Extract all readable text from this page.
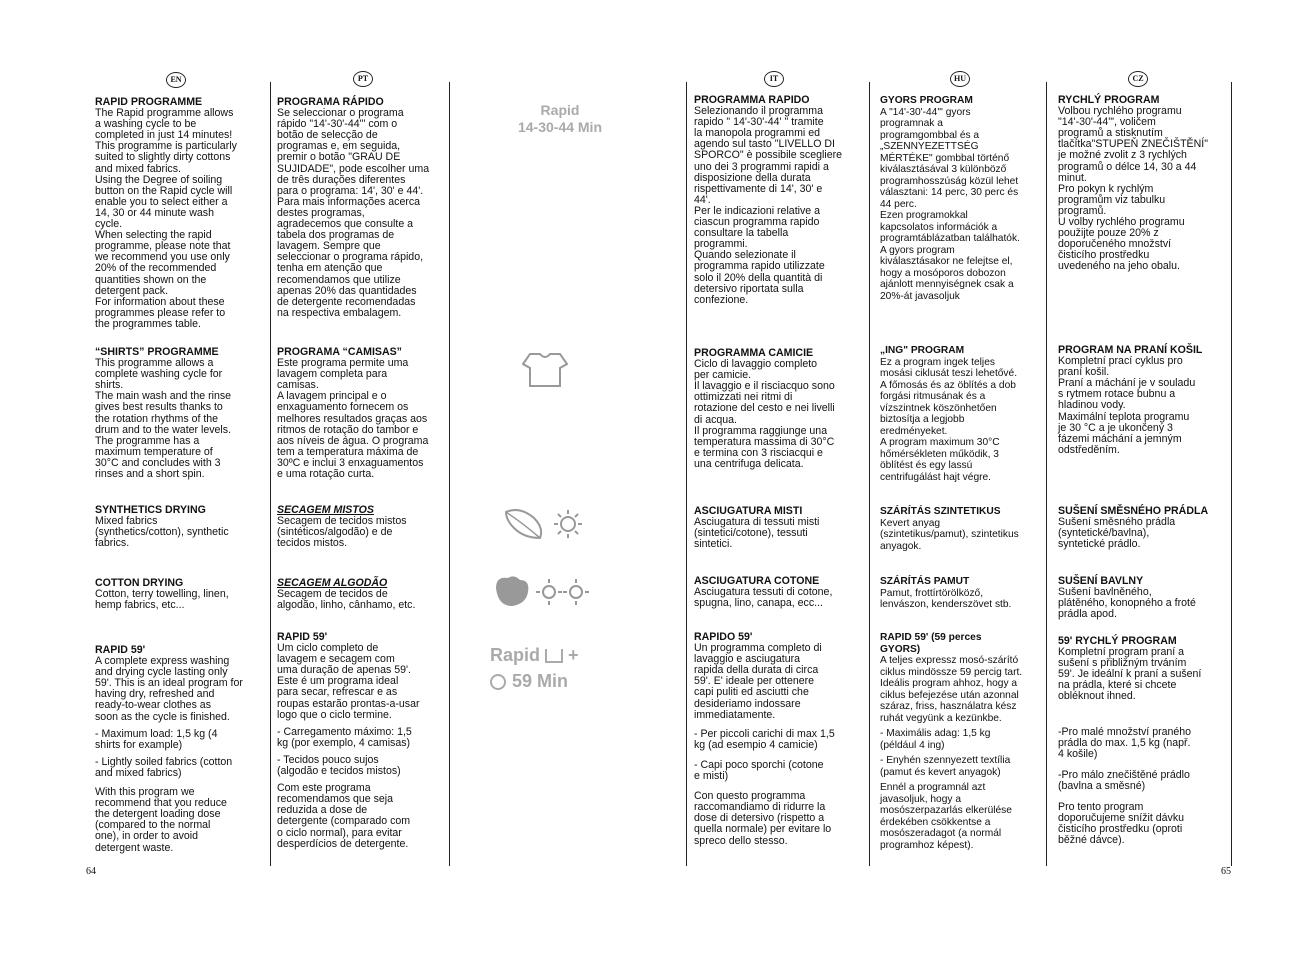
EN	PT	IT	HU	CZ
64	65

RAPID PROGRAMME

The Rapid programme allows
a washing cycle to be
completed in just 14 minutes!
This programme is particularly
suited to slightly dirty cottons
and mixed fabrics.
Using the Degree of soiling
button on the Rapid cycle will
enable you to select either a
14, 30 or 44 minute wash
cycle.
When selecting the rapid
programme, please note that
we recommend you use only
20% of the recommended
quantities shown on the
detergent pack.
For information about these
programmes please refer to
the programmes table.

“SHIRTS” PROGRAMME

This programme allows a
complete washing cycle for
shirts.
The main wash and the rinse
gives best results thanks to
the rotation rhythms of the
drum and to the water levels.
The programme has a
maximum temperature of
30°C and concludes with 3
rinses and a short spin.

SYNTHETICS DRYING

Mixed fabrics
(synthetics/cotton), synthetic
fabrics.

COTTON DRYING

Cotton, terry towelling, linen,
hemp fabrics, etc...

RAPID 59'

A complete express washing
and drying cycle lasting only
59'. This is an ideal program for
having dry, refreshed and
ready-to-wear clothes as
soon as the cycle is finished.

- Maximum load: 1,5 kg (4
shirts for example)

- Lightly soiled fabrics (cotton
and mixed fabrics)

With this program we
recommend that you reduce
the detergent loading dose
(compared to the normal
one), in order to avoid
detergent waste.

PROGRAMA RÁPIDO

Se seleccionar o programa
rápido "14'-30'-44'" com o
botão de selecção de
programas e, em seguida,
premir o botão "GRAU DE
SUJIDADE", pode escolher uma
de três durações diferentes
para o programa: 14', 30' e 44'.
Para mais informações acerca
destes programas,
agradecemos que consulte a
tabela dos programas de
lavagem. Sempre que
seleccionar o programa rápido,
tenha em atenção que
recomendamos que utilize
apenas 20% das quantidades
de detergente recomendadas
na respectiva embalagem.

PROGRAMA “CAMISAS”

Este programa permite uma
lavagem completa para
camisas.
A lavagem principal e o
enxaguamento fornecem os
melhores resultados graças aos
ritmos de rotação do tambor e
aos níveis de água. O programa
tem a temperatura máxima de
30ºC e inclui 3 enxaguamentos
e uma rotação curta.

SECAGEM MISTOS

Secagem de tecidos mistos
(sintéticos/algodão) e de
tecidos mistos.

SECAGEM ALGODÃO

Secagem de tecidos de
algodão, linho, cânhamo, etc.

RAPID 59'

Um ciclo completo de
lavagem e secagem com
uma duração de apenas 59'.
Este é um programa ideal
para secar, refrescar e as
roupas estarão prontas-a-usar
logo que o ciclo termine.

- Carregamento máximo: 1,5
kg (por exemplo, 4 camisas)

- Tecidos pouco sujos
(algodão e tecidos mistos)

Com este programa
recomendamos que seja
reduzida a dose de
detergente (comparado com
o ciclo normal), para evitar
desperdícios de detergente.

Rapid
14-30-44 Min
Rapid +
59 Min

PROGRAMMA RAPIDO

Selezionando il programma
rapido " 14'-30'-44' " tramite
la manopola programmi ed
agendo sul tasto "LIVELLO DI
SPORCO" è possibile scegliere
uno dei 3 programmi rapidi a
disposizione della durata
rispettivamente di 14', 30' e
44'.
Per le indicazioni relative a
ciascun programma rapido
consultare la tabella
programmi.
Quando selezionate il
programma rapido utilizzate
solo il 20% della quantità di
detersivo riportata sulla
confezione.

PROGRAMMA CAMICIE

Ciclo di lavaggio completo
per camicie.
Il lavaggio e il risciacquo sono
ottimizzati nei ritmi di
rotazione del cesto e nei livelli
di acqua.
Il programma raggiunge una
temperatura massima di 30°C
e termina con 3 risciacqui e
una centrifuga delicata.

ASCIUGATURA MISTI

Asciugatura di tessuti misti
(sintetici/cotone), tessuti
sintetici.

ASCIUGATURA COTONE

Asciugatura tessuti di cotone,
spugna, lino, canapa, ecc...

RAPIDO 59'

Un programma completo di
lavaggio e asciugatura
rapida della durata di circa
59'. E' ideale per ottenere
capi puliti ed asciutti che
desideriamo indossare
immediatamente.

- Per piccoli carichi di max 1,5
kg (ad esempio 4 camicie)

- Capi poco sporchi (cotone
e misti)

Con questo programma
raccomandiamo di ridurre la
dose di detersivo (rispetto a
quella normale) per evitare lo
spreco dello stesso.

GYORS PROGRAM

A "14'-30'-44'" gyors
programnak a
programgombbal és a
„SZENNYEZETTSÉG
MÉRTÉKE" gombbal történő
kiválasztásával 3 különböző
programhosszúság közül lehet
választani: 14 perc, 30 perc és
44 perc.
Ezen programokkal
kapcsolatos információk a
programtáblázatban találhatók.
A gyors program
kiválasztásakor ne felejtse el,
hogy a mosóporos dobozon
ajánlott mennyiségnek csak a
20%-át javasoljuk

„ING" PROGRAM

Ez a program ingek teljes
mosási ciklusát teszi lehetővé.
A főmosás és az öblítés a dob
forgási ritmusának és a
vízszintnek köszönhetően
biztosítja a legjobb
eredményeket.
A program maximum 30°C
hőmérsékleten működik, 3
öblítést és egy lassú
centrifugálást hajt végre.

SZÁRÍTÁS SZINTETIKUS

Kevert anyag
(szintetikus/pamut), szintetikus
anyagok.

SZÁRÍTÁS PAMUT

Pamut, frottírtörölköző,
lenvászon, kenderszövet stb.

RAPID 59' (59 perces
GYORS)

A teljes expressz mosó-szárító
ciklus mindössze 59 percig tart.
Ideális program ahhoz, hogy a
ciklus befejezése után azonnal
száraz, friss, használatra kész
ruhát vegyünk a kezünkbe.

- Maximális adag: 1,5 kg
(például 4 ing)

- Enyhén szennyezett textília
(pamut és kevert anyagok)

Ennél a programnál azt
javasoljuk, hogy a
mosószerpazarlás elkerülése
érdekében csökkentse a
mosószeradagot (a normál
programhoz képest).

RYCHLÝ PROGRAM

Volbou rychlého programu
"14'-30'-44'", voličem
programů a stisknutím
tlačítka"STUPEŇ ZNEČIŠTĚNÍ"
je možné zvolit z 3 rychlých
programů o délce 14, 30 a 44
minut.
Pro pokyn k rychlým
programům viz tabulku
programů.
U volby rychlého programu
použijte pouze 20% z
doporučeného množství
čisticího prostředku
uvedeného na jeho obalu.

PROGRAM NA PRANÍ KOŠIL

Kompletní prací cyklus pro
praní košil.
Praní a máchání je v souladu
s rytmem rotace bubnu a
hladinou vody.
Maximální teplota programu
je 30 °C a je ukončený 3
fázemi máchání a jemným
odstředěním.

SUŠENÍ SMĚSNÉHO PRÁDLA

Sušení směsného prádla
(syntetické/bavlna),
syntetické prádlo.

SUŠENÍ BAVLNY

Sušení bavlněného,
plátěného, konopného a froté
prádla apod.

59' RYCHLÝ PROGRAM

Kompletní program praní a
sušení s přibližným trváním
59'. Je ideální k praní a sušení
na prádla, které si chcete
obléknout ihned.

-Pro malé množství praného
prádla do max. 1,5 kg (např.
4 košile)

-Pro málo znečištěné prádlo
(bavlna a směsné)

Pro tento program
doporučujeme snížit dávku
čisticího prostředku (oproti
běžné dávce).
